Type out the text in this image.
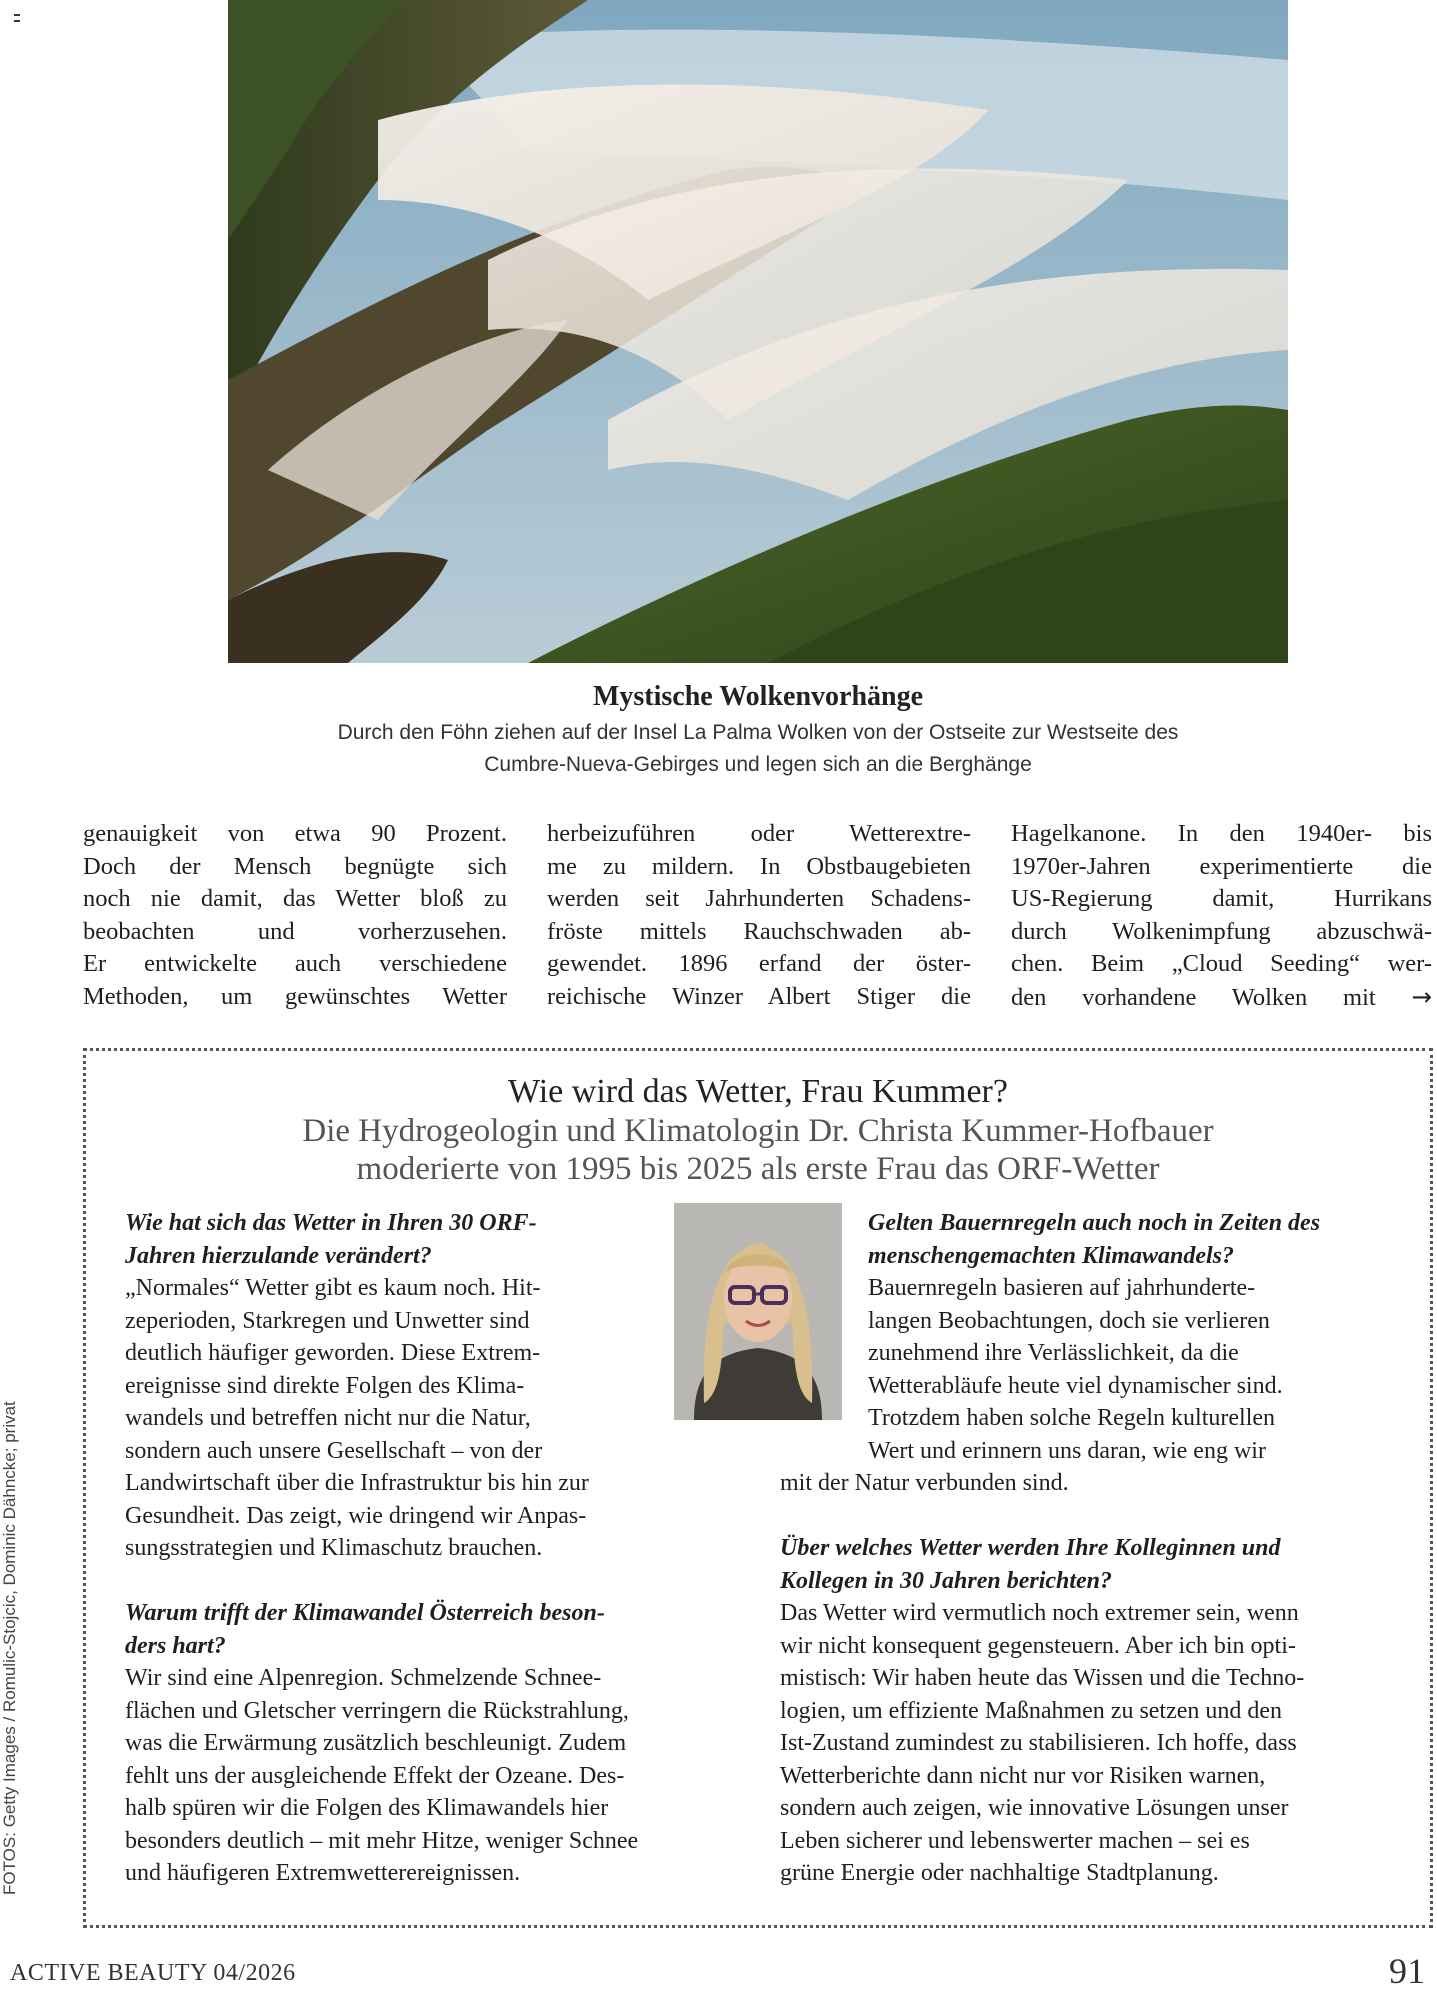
Mystische Wolkenvorhänge
Durch den Föhn ziehen auf der Insel La Palma Wolken von der Ostseite zur Westseite des
Cumbre-Nueva-Gebirges und legen sich an die Berghänge
genauigkeit von etwa 90 Prozent.
Doch der Mensch begnügte sich
noch nie damit, das Wetter bloß zu
beobachten und vorherzusehen.
Er entwickelte auch verschiedene
Methoden, um gewünschtes Wetter
herbeizuführen oder Wetterextre-
me zu mildern. In Obstbaugebieten
werden seit Jahrhunderten Schadens-
fröste mittels Rauchschwaden ab-
gewendet. 1896 erfand der öster-
reichische Winzer Albert Stiger die
Hagelkanone. In den 1940er- bis
1970er-Jahren experimentierte die
US-Regierung damit, Hurrikans
durch Wolkenimpfung abzuschwä-
chen. Beim „Cloud Seeding“ wer-
den vorhandene Wolken mit →
Wie wird das Wetter, Frau Kummer?
Die Hydrogeologin und Klimatologin Dr. Christa Kummer-Hofbauer
moderierte von 1995 bis 2025 als erste Frau das ORF-Wetter
Wie hat sich das Wetter in Ihren 30 ORF-
Jahren hierzulande verändert?
„Normales“ Wetter gibt es kaum noch. Hit-
zeperioden, Starkregen und Unwetter sind
deutlich häufiger geworden. Diese Extrem-
ereignisse sind direkte Folgen des Klima-
wandels und betreffen nicht nur die Natur,
sondern auch unsere Gesellschaft – von der
Landwirtschaft über die Infrastruktur bis hin zur
Gesundheit. Das zeigt, wie dringend wir Anpas-
sungsstrategien und Klimaschutz brauchen.
Warum trifft der Klimawandel Österreich beson-
ders hart?
Wir sind eine Alpenregion. Schmelzende Schnee-
flächen und Gletscher verringern die Rückstrahlung,
was die Erwärmung zusätzlich beschleunigt. Zudem
fehlt uns der ausgleichende Effekt der Ozeane. Des-
halb spüren wir die Folgen des Klimawandels hier
besonders deutlich – mit mehr Hitze, weniger Schnee
und häufigeren Extremwetterereignissen.
Gelten Bauernregeln auch noch in Zeiten des
menschengemachten Klimawandels?
Bauernregeln basieren auf jahrhunderte-
langen Beobachtungen, doch sie verlieren
zunehmend ihre Verlässlichkeit, da die
Wetterabläufe heute viel dynamischer sind.
Trotzdem haben solche Regeln kulturellen
Wert und erinnern uns daran, wie eng wir
mit der Natur verbunden sind.
Über welches Wetter werden Ihre Kolleginnen und
Kollegen in 30 Jahren berichten?
Das Wetter wird vermutlich noch extremer sein, wenn
wir nicht konsequent gegensteuern. Aber ich bin opti-
mistisch: Wir haben heute das Wissen und die Techno-
logien, um effiziente Maßnahmen zu setzen und den
Ist-Zustand zumindest zu stabilisieren. Ich hoffe, dass
Wetterberichte dann nicht nur vor Risiken warnen,
sondern auch zeigen, wie innovative Lösungen unser
Leben sicherer und lebenswerter machen – sei es
grüne Energie oder nachhaltige Stadtplanung.
FOTOS: Getty Images / Romulic-Stojcic, Dominic Dähncke; privat
ACTIVE BEAUTY 04/2026	91
